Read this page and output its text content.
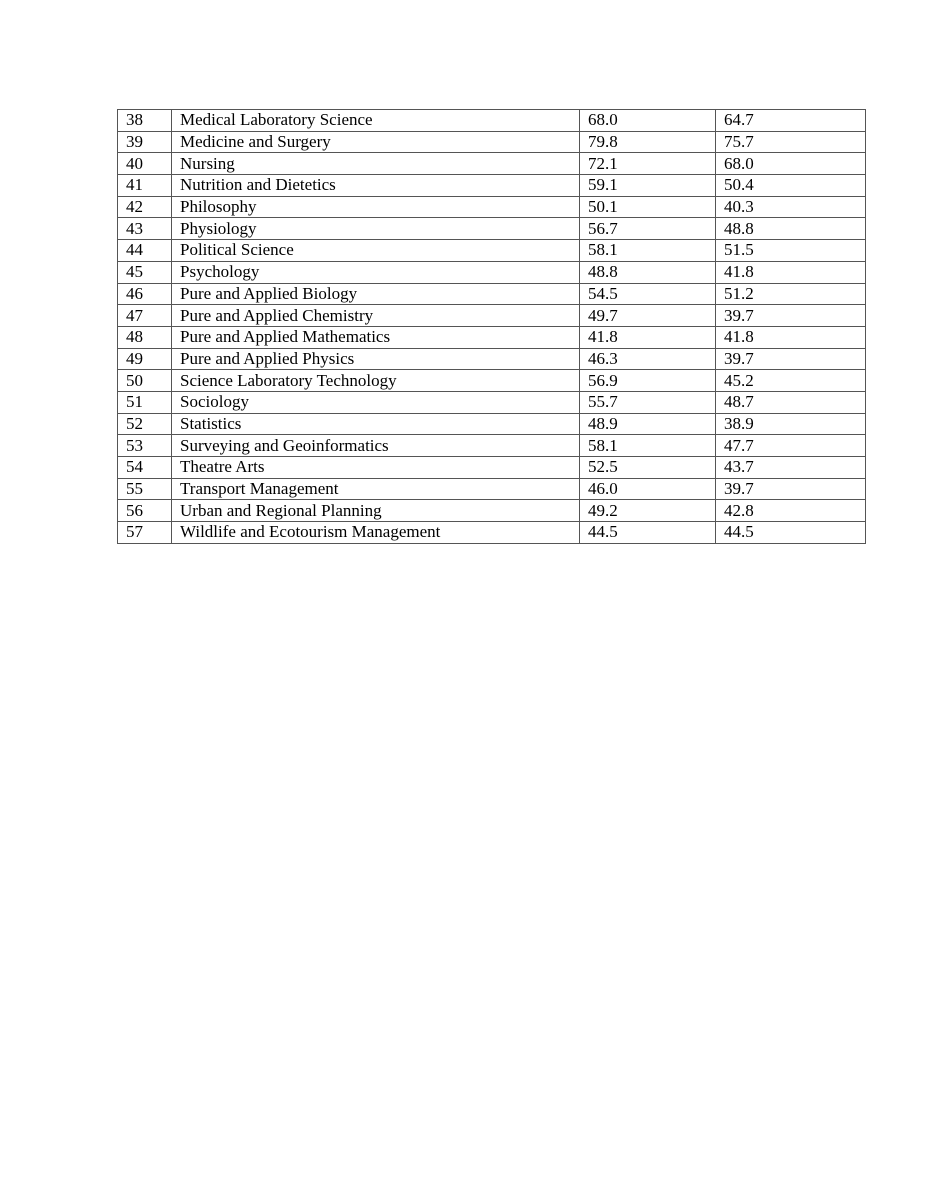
38	Medical Laboratory Science	68.0	64.7
39	Medicine and Surgery	79.8	75.7
40	Nursing	72.1	68.0
41	Nutrition and Dietetics	59.1	50.4
42	Philosophy	50.1	40.3
43	Physiology	56.7	48.8
44	Political Science	58.1	51.5
45	Psychology	48.8	41.8
46	Pure and Applied Biology	54.5	51.2
47	Pure and Applied Chemistry	49.7	39.7
48	Pure and Applied Mathematics	41.8	41.8
49	Pure and Applied Physics	46.3	39.7
50	Science Laboratory Technology	56.9	45.2
51	Sociology	55.7	48.7
52	Statistics	48.9	38.9
53	Surveying and Geoinformatics	58.1	47.7
54	Theatre Arts	52.5	43.7
55	Transport Management	46.0	39.7
56	Urban and Regional Planning	49.2	42.8
57	Wildlife and Ecotourism Management	44.5	44.5
